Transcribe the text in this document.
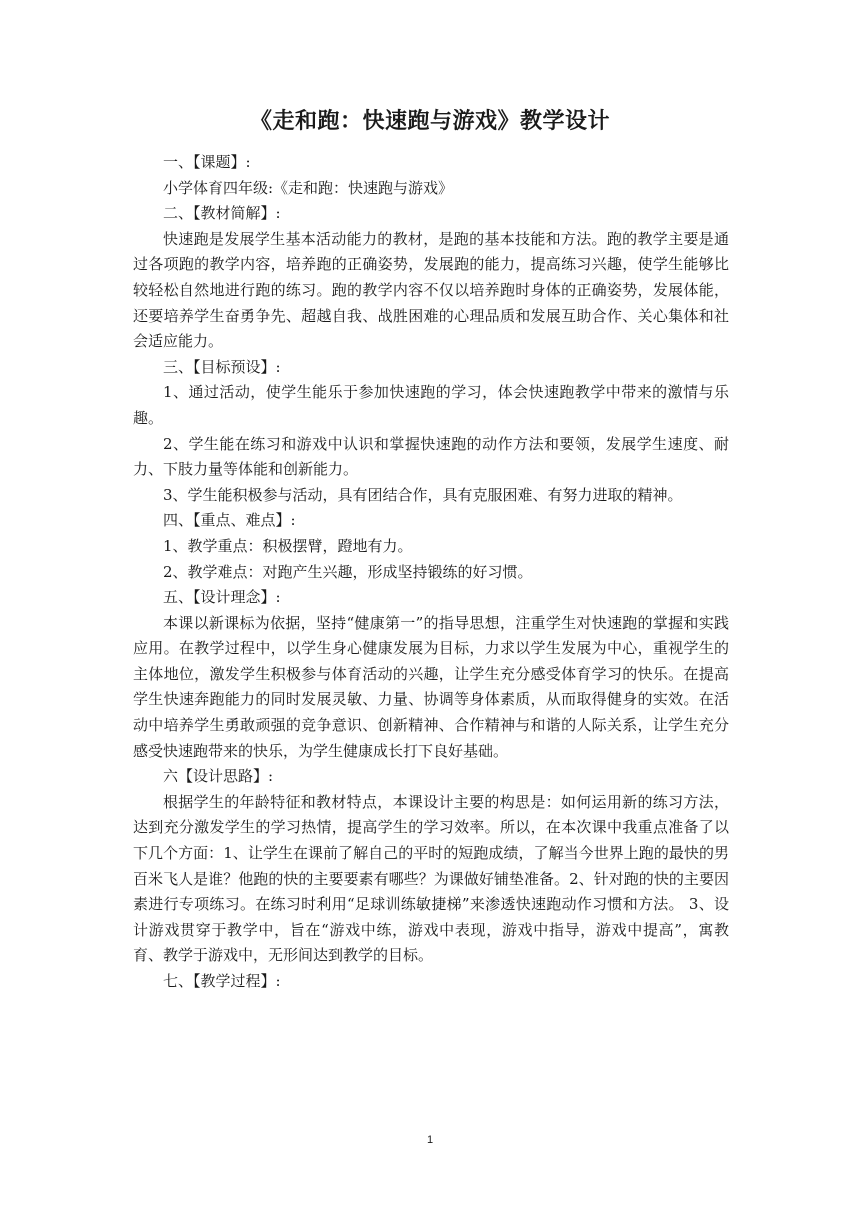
《走和跑：快速跑与游戏》教学设计

一、【课题】:

小学体育四年级:《走和跑：快速跑与游戏》

二、【教材简解】:

快速跑是发展学生基本活动能力的教材，是跑的基本技能和方法。跑的教学主要是通过各项跑的教学内容，培养跑的正确姿势，发展跑的能力，提高练习兴趣，使学生能够比较轻松自然地进行跑的练习。跑的教学内容不仅以培养跑时身体的正确姿势，发展体能，还要培养学生奋勇争先、超越自我、战胜困难的心理品质和发展互助合作、关心集体和社会适应能力。

三、【目标预设】:

1、通过活动，使学生能乐于参加快速跑的学习，体会快速跑教学中带来的激情与乐趣。

2、学生能在练习和游戏中认识和掌握快速跑的动作方法和要领，发展学生速度、耐力、下肢力量等体能和创新能力。

3、学生能积极参与活动，具有团结合作，具有克服困难、有努力进取的精神。

四、【重点、难点】:

1、教学重点：积极摆臂，蹬地有力。

2、教学难点：对跑产生兴趣，形成坚持锻练的好习惯。

五、【设计理念】:

本课以新课标为依据，坚持“健康第一”的指导思想，注重学生对快速跑的掌握和实践应用。在教学过程中，以学生身心健康发展为目标，力求以学生发展为中心，重视学生的主体地位，激发学生积极参与体育活动的兴趣，让学生充分感受体育学习的快乐。在提高学生快速奔跑能力的同时发展灵敏、力量、协调等身体素质，从而取得健身的实效。在活动中培养学生勇敢顽强的竞争意识、创新精神、合作精神与和谐的人际关系，让学生充分感受快速跑带来的快乐，为学生健康成长打下良好基础。

六【设计思路】:

根据学生的年龄特征和教材特点，本课设计主要的构思是：如何运用新的练习方法，达到充分激发学生的学习热情，提高学生的学习效率。所以，在本次课中我重点准备了以下几个方面：1、让学生在课前了解自己的平时的短跑成绩，了解当今世界上跑的最快的男百米飞人是谁？他跑的快的主要要素有哪些？为课做好铺垫准备。2、针对跑的快的主要因素进行专项练习。在练习时利用“足球训练敏捷梯”来渗透快速跑动作习惯和方法。 3、设计游戏贯穿于教学中，旨在“游戏中练，游戏中表现，游戏中指导，游戏中提高”，寓教育、教学于游戏中，无形间达到教学的目标。

七、【教学过程】:

1
